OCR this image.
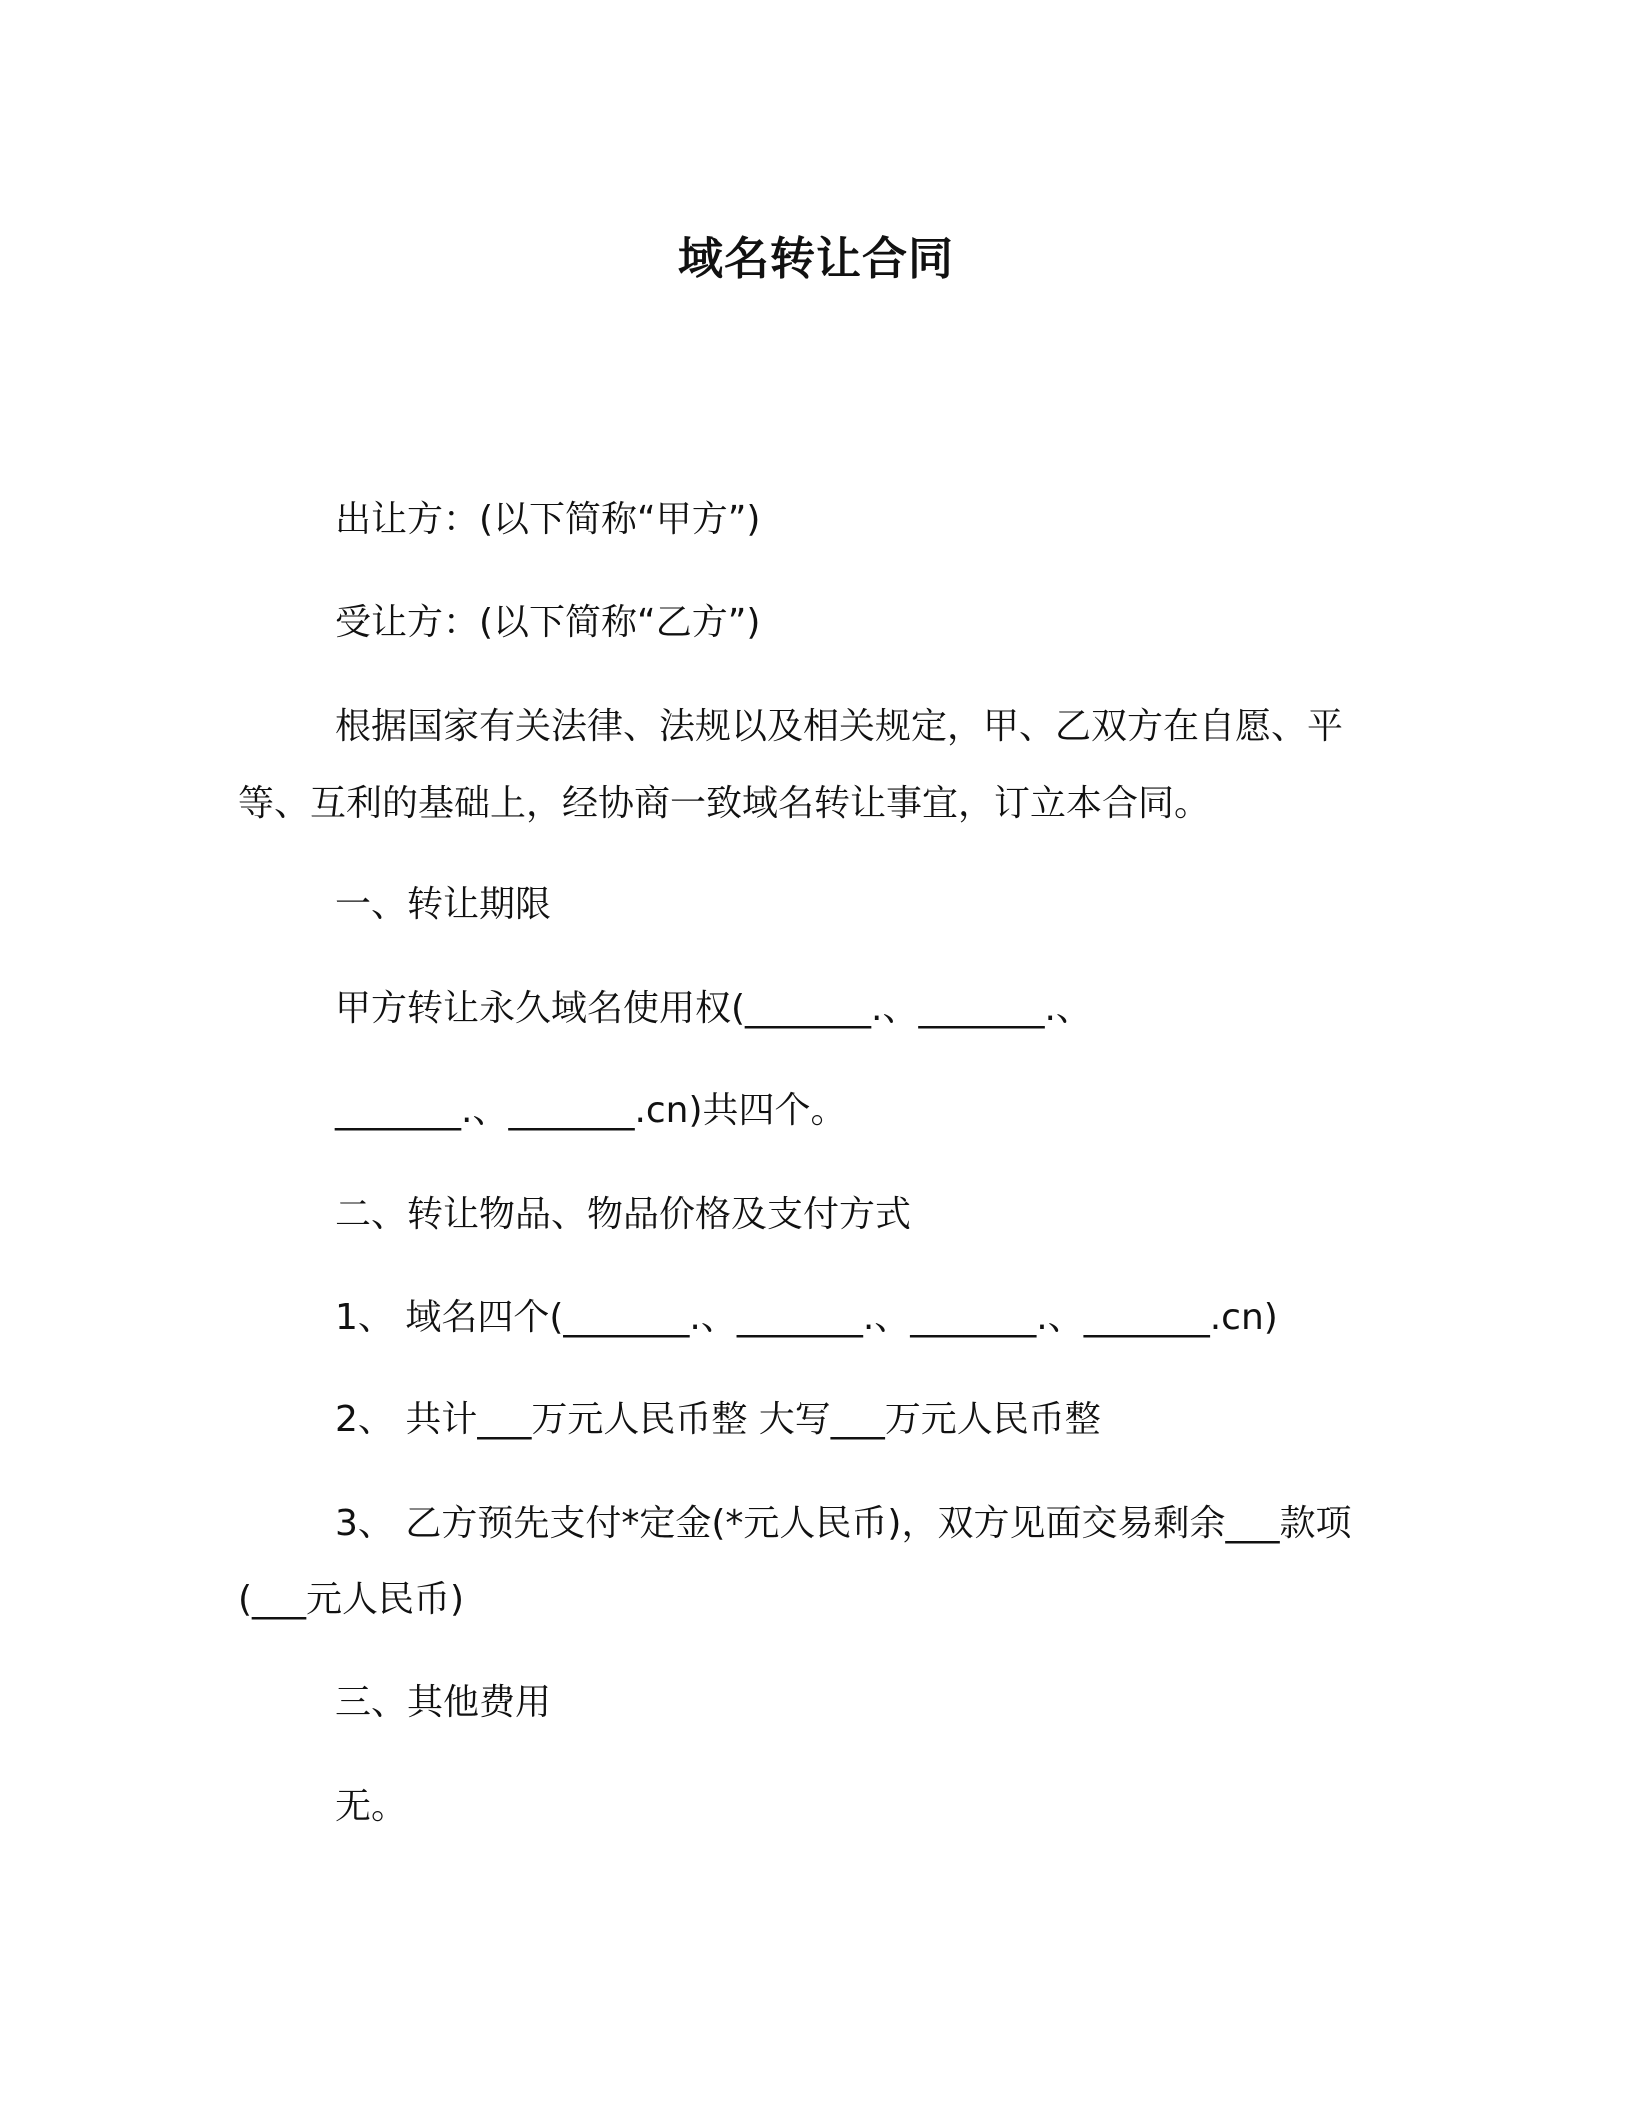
域名转让合同
出让方：(以下简称“甲方”)
受让方：(以下简称“乙方”)
根据国家有关法律、法规以及相关规定，甲、乙双方在自愿、平
等、互利的基础上，经协商一致域名转让事宜，订立本合同。
一、转让期限
甲方转让永久域名使用权(_______.、_______.、
_______.、_______.cn)共四个。
二、转让物品、物品价格及支付方式
1、 域名四个(_______.、_______.、_______.、_______.cn)
2、 共计___万元人民币整 大写___万元人民币整
3、 乙方预先支付*定金(*元人民币)，双方见面交易剩余___款项
(___元人民币)
三、其他费用
无。
